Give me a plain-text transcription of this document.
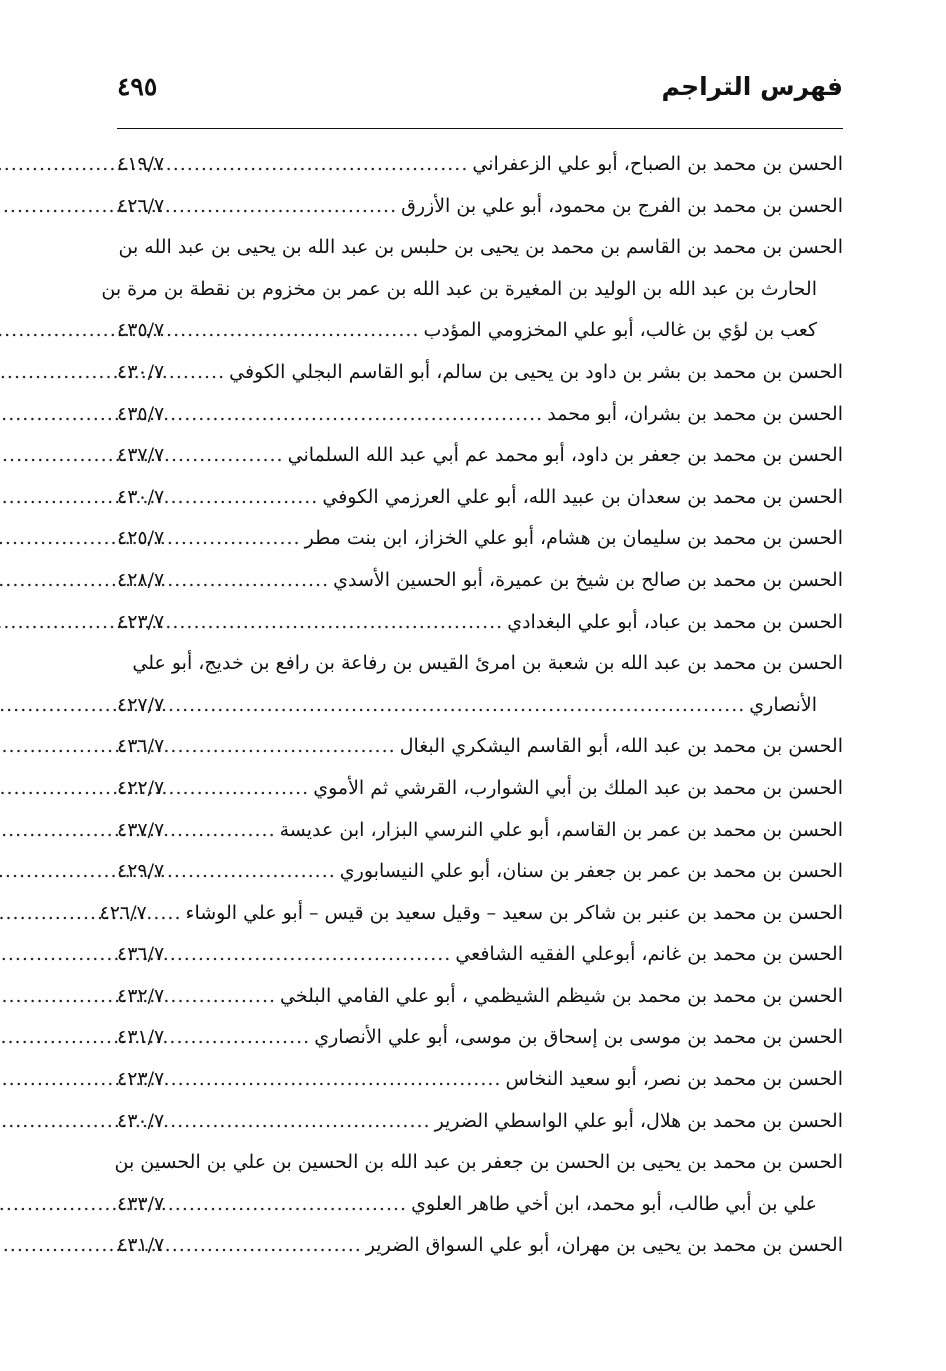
فهرس التراجم
٤٩٥
الحسن بن محمد بن الصباح، أبو علي الزعفراني
.....
٤١٩/٧
الحسن بن محمد بن الفرج بن محمود، أبو علي بن الأزرق
.....
٤٢٦/٧
الحسن بن محمد بن القاسم بن محمد بن يحيى بن حلبس بن عبد الله بن يحيى بن عبد الله بن
الحارث بن عبد الله بن الوليد بن المغيرة بن عبد الله بن عمر بن مخزوم بن نقطة بن مرة بن
كعب بن لؤي بن غالب، أبو علي المخزومي المؤدب
.....
٤٣٥/٧
الحسن بن محمد بن بشر بن داود بن يحيى بن سالم، أبو القاسم البجلي الكوفي
.....
٤٣٠/٧
الحسن بن محمد بن بشران، أبو محمد
.....
٤٣٥/٧
الحسن بن محمد بن جعفر بن داود، أبو محمد عم أبي عبد الله السلماني
.....
٤٣٧/٧
الحسن بن محمد بن سعدان بن عبيد الله، أبو علي العرزمي الكوفي
.....
٤٣٠/٧
الحسن بن محمد بن سليمان بن هشام، أبو علي الخزاز، ابن بنت مطر
.....
٤٢٥/٧
الحسن بن محمد بن صالح بن شيخ بن عميرة، أبو الحسين الأسدي
.....
٤٢٨/٧
الحسن بن محمد بن عباد، أبو علي البغدادي
.....
٤٢٣/٧
الحسن بن محمد بن عبد الله بن شعبة بن امرئ القيس بن رفاعة بن رافع بن خديج، أبو علي
الأنصاري
.....
٤٢٧/٧
الحسن بن محمد بن عبد الله، أبو القاسم اليشكري البغال
.....
٤٣٦/٧
الحسن بن محمد بن عبد الملك بن أبي الشوارب، القرشي ثم الأموي
.....
٤٢٢/٧
الحسن بن محمد بن عمر بن القاسم، أبو علي النرسي البزار، ابن عديسة
.....
٤٣٧/٧
الحسن بن محمد بن عمر بن جعفر بن سنان، أبو علي النيسابوري
.....
٤٢٩/٧
الحسن بن محمد بن عنبر بن شاكر بن سعيد – وقيل سعيد بن قيس – أبو علي الوشاء
.....
٤٢٦/٧
الحسن بن محمد بن غانم، أبوعلي الفقيه الشافعي
.....
٤٣٦/٧
الحسن بن محمد بن محمد بن شيظم الشيظمي ، أبو علي الفامي البلخي
.....
٤٣٢/٧
الحسن بن محمد بن موسى بن إسحاق بن موسى، أبو علي الأنصاري
.....
٤٣١/٧
الحسن بن محمد بن نصر، أبو سعيد النخاس
.....
٤٢٣/٧
الحسن بن محمد بن هلال، أبو علي الواسطي الضرير
.....
٤٣٠/٧
الحسن بن محمد بن يحيى بن الحسن بن جعفر بن عبد الله بن الحسين بن علي بن الحسين بن
علي بن أبي طالب، أبو محمد، ابن أخي طاهر العلوي
.....
٤٣٣/٧
الحسن بن محمد بن يحيى بن مهران، أبو علي السواق الضرير
.....
٤٣١/٧
